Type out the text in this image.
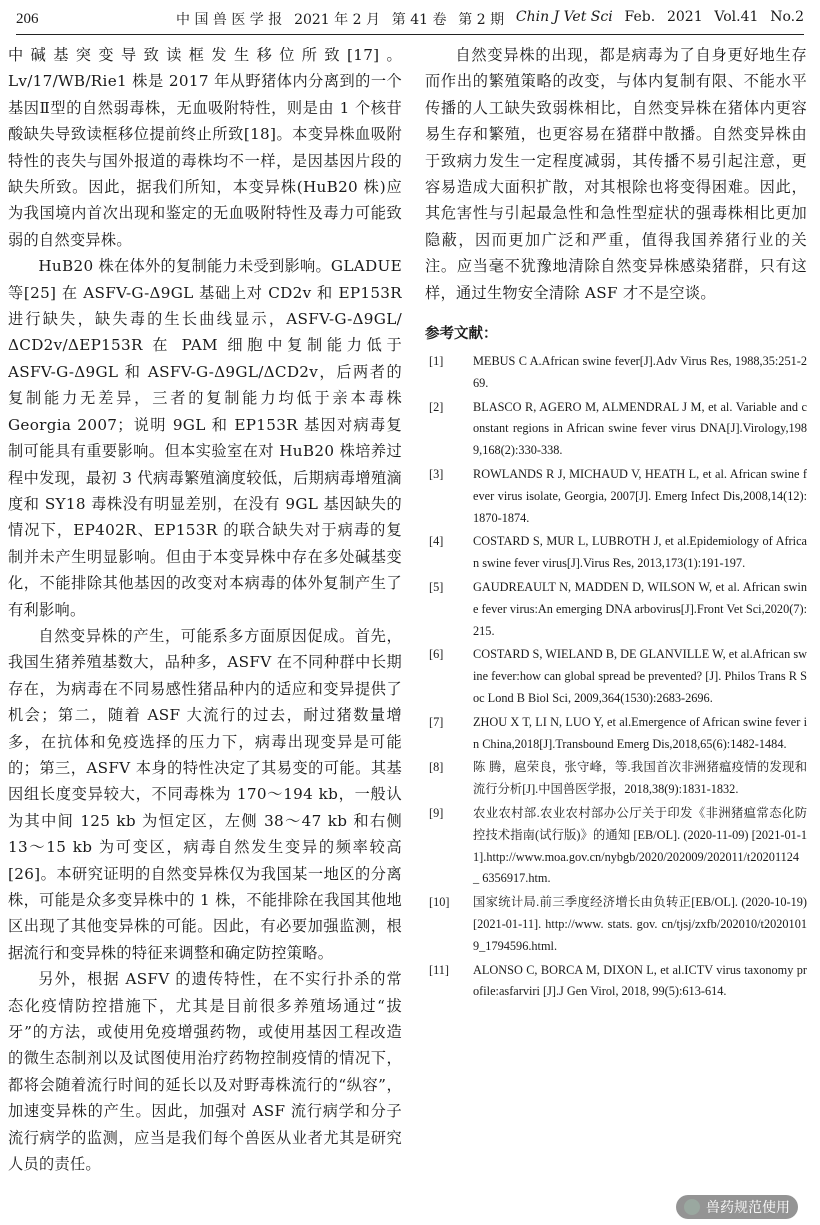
206	中 国 兽 医 学 报 2021 年 2 月 第 41 卷 第 2 期 Chin J Vet Sci Feb. 2021 Vol.41 No.2

中碱基突变导致读框发生移位所致[17]。Lv/17/WB/Rie1 株是 2017 年从野猪体内分离到的一个基因Ⅱ型的自然弱毒株，无血吸附特性，则是由 1 个核苷酸缺失导致读框移位提前终止所致[18]。本变异株血吸附特性的丧失与国外报道的毒株均不一样，是因基因片段的缺失所致。因此，据我们所知，本变异株(HuB20 株)应为我国境内首次出现和鉴定的无血吸附特性及毒力可能致弱的自然变异株。

HuB20 株在体外的复制能力未受到影响。GLADUE 等[25] 在 ASFV-G-Δ9GL 基础上对 CD2v 和 EP153R 进行缺失，缺失毒的生长曲线显示，ASFV-G-Δ9GL/ΔCD2v/ΔEP153R 在 PAM 细胞中复制能力低于 ASFV-G-Δ9GL 和 ASFV-G-Δ9GL/ΔCD2v，后两者的复制能力无差异，三者的复制能力均低于亲本毒株 Georgia 2007；说明 9GL 和 EP153R 基因对病毒复制可能具有重要影响。但本实验室在对 HuB20 株培养过程中发现，最初 3 代病毒繁殖滴度较低，后期病毒增殖滴度和 SY18 毒株没有明显差别，在没有 9GL 基因缺失的情况下，EP402R、EP153R 的联合缺失对于病毒的复制并未产生明显影响。但由于本变异株中存在多处碱基变化，不能排除其他基因的改变对本病毒的体外复制产生了有利影响。

自然变异株的产生，可能系多方面原因促成。首先，我国生猪养殖基数大，品种多，ASFV 在不同种群中长期存在，为病毒在不同易感性猪品种内的适应和变异提供了机会；第二，随着 ASF 大流行的过去，耐过猪数量增多，在抗体和免疫选择的压力下，病毒出现变异是可能的；第三，ASFV 本身的特性决定了其易变的可能。其基因组长度变异较大，不同毒株为 170～194 kb，一般认为其中间 125 kb 为恒定区，左侧 38～47 kb 和右侧 13～15 kb 为可变区，病毒自然发生变异的频率较高[26]。本研究证明的自然变异株仅为我国某一地区的分离株，可能是众多变异株中的 1 株，不能排除在我国其他地区出现了其他变异株的可能。因此，有必要加强监测，根据流行和变异株的特征来调整和确定防控策略。

另外，根据 ASFV 的遗传特性，在不实行扑杀的常态化疫情防控措施下，尤其是目前很多养殖场通过“拔牙”的方法，或使用免疫增强药物，或使用基因工程改造的微生态制剂以及试图使用治疗药物控制疫情的情况下，都将会随着流行时间的延长以及对野毒株流行的“纵容”，加速变异株的产生。因此，加强对 ASF 流行病学和分子流行病学的监测，应当是我们每个兽医从业者尤其是研究人员的责任。

自然变异株的出现，都是病毒为了自身更好地生存而作出的繁殖策略的改变，与体内复制有限、不能水平传播的人工缺失致弱株相比，自然变异株在猪体内更容易生存和繁殖，也更容易在猪群中散播。自然变异株由于致病力发生一定程度减弱，其传播不易引起注意，更容易造成大面积扩散，对其根除也将变得困难。因此，其危害性与引起最急性和急性型症状的强毒株相比更加隐蔽，因而更加广泛和严重，值得我国养猪行业的关注。应当毫不犹豫地清除自然变异株感染猪群，只有这样，通过生物安全清除 ASF 才不是空谈。

参考文献：
[1]	MEBUS C A.African swine fever[J].Adv Virus Res, 1988,35:251-269.
[2]	BLASCO R, AGERO M, ALMENDRAL J M, et al. Variable and constant regions in African swine fever virus DNA[J].Virology,1989,168(2):330-338.
[3]	ROWLANDS R J, MICHAUD V, HEATH L, et al. African swine fever virus isolate, Georgia, 2007[J]. Emerg Infect Dis,2008,14(12):1870-1874.
[4]	COSTARD S, MUR L, LUBROTH J, et al.Epidemiology of African swine fever virus[J].Virus Res, 2013,173(1):191-197.
[5]	GAUDREAULT N, MADDEN D, WILSON W, et al. African swine fever virus:An emerging DNA arbovirus[J].Front Vet Sci,2020(7):215.
[6]	COSTARD S, WIELAND B, DE GLANVILLE W, et al.African swine fever:how can global spread be prevented? [J]. Philos Trans R Soc Lond B Biol Sci, 2009,364(1530):2683-2696.
[7]	ZHOU X T, LI N, LUO Y, et al.Emergence of African swine fever in China,2018[J].Transbound Emerg Dis,2018,65(6):1482-1484.
[8]	陈 腾，扈荣良，张守峰，等.我国首次非洲猪瘟疫情的发现和流行分析[J].中国兽医学报，2018,38(9):1831-1832.
[9]	农业农村部.农业农村部办公厅关于印发《非洲猪瘟常态化防控技术指南(试行版)》的通知 [EB/OL]. (2020-11-09) [2021-01-11].http://www.moa.gov.cn/nybgb/2020/202009/202011/t20201124 _ 6356917.htm.
[10]	国家统计局.前三季度经济增长由负转正[EB/OL]. (2020-10-19) [2021-01-11]. http://www. stats. gov. cn/tjsj/zxfb/202010/t20201019_1794596.html.
[11]	ALONSO C, BORCA M, DIXON L, et al.ICTV virus taxonomy profile:asfarviri [J].J Gen Virol, 2018, 99(5):613-614.
兽药规范使用
